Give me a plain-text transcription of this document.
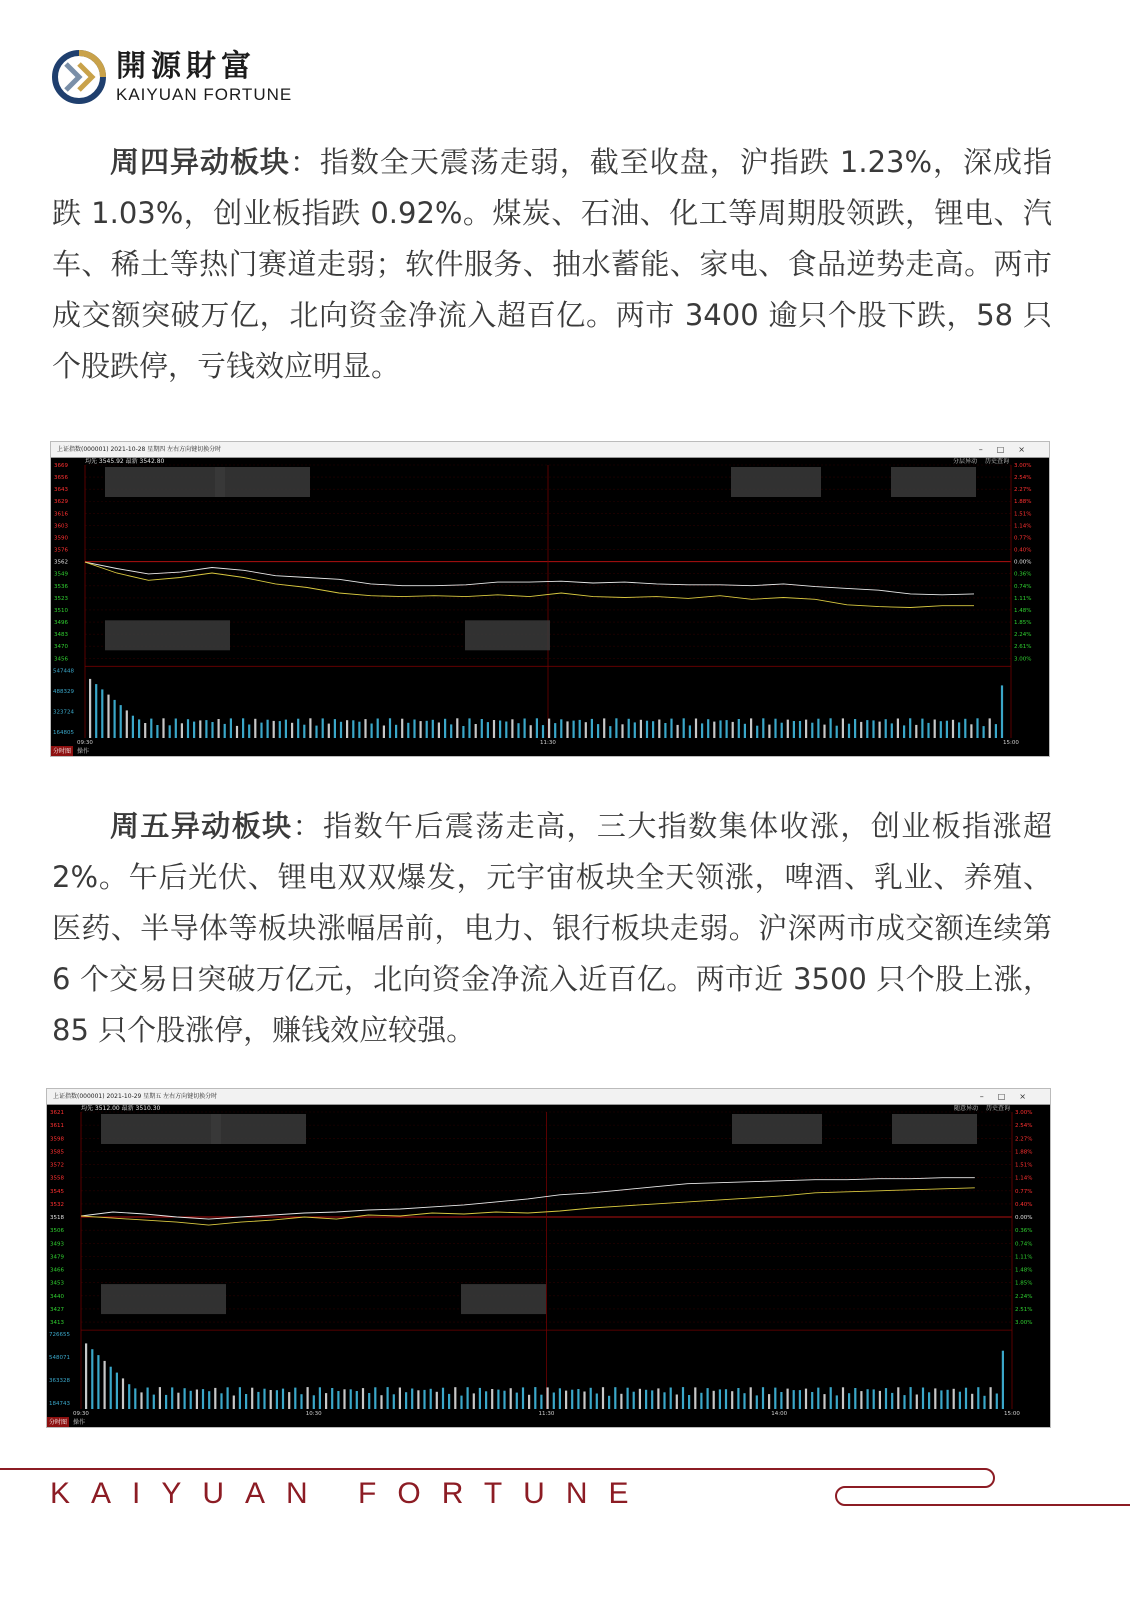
開源財富
KAIYUAN FORTUNE

周四异动板块：指数全天震荡走弱，截至收盘，沪指跌 1.23%，深成指跌 1.03%，创业板指跌 0.92%。煤炭、石油、化工等周期股领跌，锂电、汽车、稀土等热门赛道走弱；软件服务、抽水蓄能、家电、食品逆势走高。两市成交额突破万亿，北向资金净流入超百亿。两市 3400 逾只个股下跌，58 只个股跌停，亏钱效应明显。

上证指数(000001) 2021-10-28 星期四 左右方向键切换分时	–□×
均先 3545.92 最新 3542.80	分层异动 历史查询
3669	3.00%
3656	2.54%
3643	2.27%
3629	1.88%
3616	1.51%
3603	1.14%
3590	0.77%
3576	0.40%
3562	0.00%
3549	0.36%
3536	0.74%
3523	1.11%
3510	1.48%
3496	1.85%
3483	2.24%
3470	2.61%
3456	3.00%
547448
488329
323724
164805
09:30	11:30	15:00
分时图 操作

周五异动板块：指数午后震荡走高，三大指数集体收涨，创业板指涨超 2%。午后光伏、锂电双双爆发，元宇宙板块全天领涨，啤酒、乳业、养殖、医药、半导体等板块涨幅居前，电力、银行板块走弱。沪深两市成交额连续第 6 个交易日突破万亿元，北向资金净流入近百亿。两市近 3500 只个股上涨，85 只个股涨停，赚钱效应较强。

上证指数(000001) 2021-10-29 星期五 左右方向键切换分时	–□×
均先 3512.00 最新 3510.30	随意异动 历史查询
3621	3.00%
3611	2.54%
3598	2.27%
3585	1.88%
3572	1.51%
3558	1.14%
3545	0.77%
3532	0.40%
3518	0.00%
3506	0.36%
3493	0.74%
3479	1.11%
3466	1.48%
3453	1.85%
3440	2.24%
3427	2.51%
3413	3.00%
726655
548071
363328
184743
09:30	10:30	11:30	14:00	15:00
分时图 操作
KAIYUAN FORTUNE
